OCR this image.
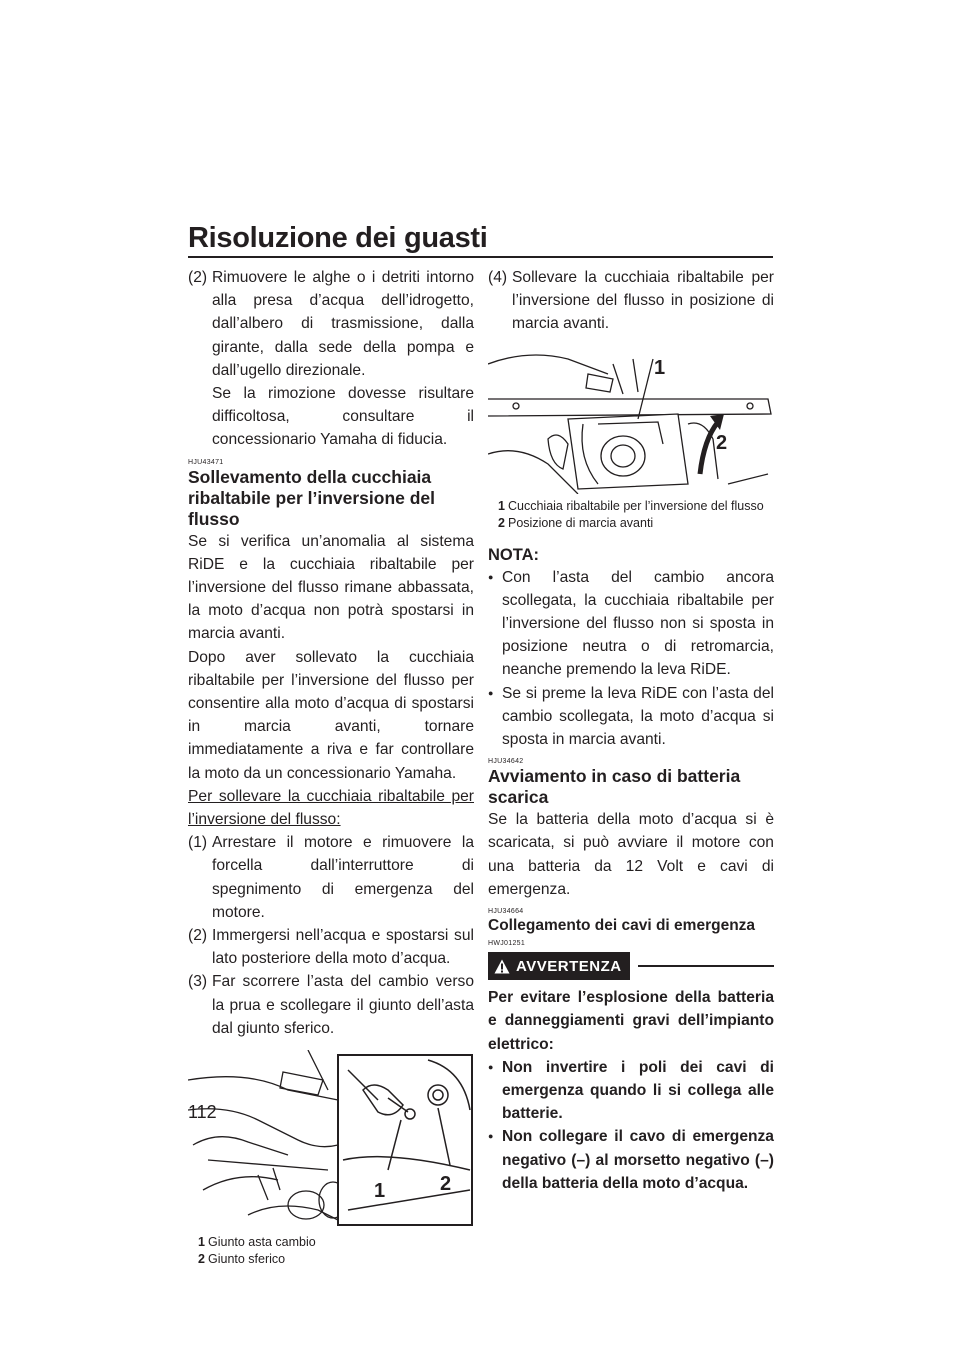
Risoluzione dei guasti
(2) Rimuovere le alghe o i detriti intorno alla presa d’acqua dell’idrogetto, dall’albero di trasmissione, dalla girante, dalla sede della pompa e dall’ugello direzionale.
Se la rimozione dovesse risultare difficoltosa, consultare il concessionario Yamaha di fiducia.
HJU43471
Sollevamento della cucchiaia ribaltabile per l’inversione del flusso

Se si verifica un’anomalia al sistema RiDE e la cucchiaia ribaltabile per l’inversione del flusso rimane abbassata, la moto d’acqua non potrà spostarsi in marcia avanti.

Dopo aver sollevato la cucchiaia ribaltabile per l’inversione del flusso per consentire alla moto d’acqua di spostarsi in marcia avanti, tornare immediatamente a riva e far controllare la moto da un concessionario Yamaha.

Per sollevare la cucchiaia ribaltabile per l’inversione del flusso:

(1) Arrestare il motore e rimuovere la forcella dall’interruttore di spegnimento di emergenza del motore.
(2) Immergersi nell’acqua e spostarsi sul lato posteriore della moto d’acqua.
(3) Far scorrere l’asta del cambio verso la prua e scollegare il giunto dell’asta dal giunto sferico.
1	2
1 Giunto asta cambio
2 Giunto sferico
(4) Sollevare la cucchiaia ribaltabile per l’inversione del flusso in posizione di marcia avanti.
1
2
1 Cucchiaia ribaltabile per l’inversione del flusso
2 Posizione di marcia avanti
NOTA:
● Con l’asta del cambio ancora scollegata, la cucchiaia ribaltabile per l’inversione del flusso non si sposta in posizione neutra o di retromarcia, neanche premendo la leva RiDE.
● Se si preme la leva RiDE con l’asta del cambio scollegata, la moto d’acqua si sposta in marcia avanti.
HJU34642
Avviamento in caso di batteria scarica

Se la batteria della moto d’acqua si è scaricata, si può avviare il motore con una batteria da 12 Volt e cavi di emergenza.

HJU34664
Collegamento dei cavi di emergenza
HWJ01251
AVVERTENZA

Per evitare l’esplosione della batteria e danneggiamenti gravi dell’impianto elettrico:

● Non invertire i poli dei cavi di emergenza quando li si collega alle batterie.
● Non collegare il cavo di emergenza negativo (–) al morsetto negativo (–) della batteria della moto d’acqua.
112
